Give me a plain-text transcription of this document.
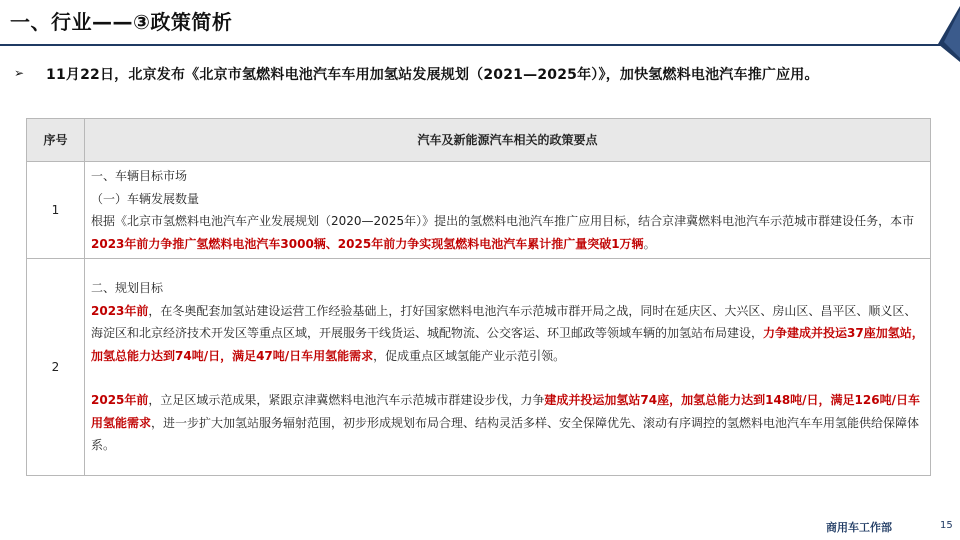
一、行业——③政策简析
➢ 11月22日，北京发布《北京市氢燃料电池汽车车用加氢站发展规划（2021—2025年）》，加快氢燃料电池汽车推广应用。
序号	汽车及新能源汽车相关的政策要点
1	一、车辆目标市场
（一）车辆发展数量
根据《北京市氢燃料电池汽车产业发展规划（2020—2025年）》提出的氢燃料电池汽车推广应用目标，结合京津冀燃料电池汽车示范城市群建设任务，本市2023年前力争推广氢燃料电池汽车3000辆、2025年前力争实现氢燃料电池汽车累计推广量突破1万辆。

2	二、规划目标
2023年前，在冬奥配套加氢站建设运营工作经验基础上，打好国家燃料电池汽车示范城市群开局之战，同时在延庆区、大兴区、房山区、昌平区、顺义区、海淀区和北京经济技术开发区等重点区域，开展服务干线货运、城配物流、公交客运、环卫邮政等领域车辆的加氢站布局建设，力争建成并投运37座加氢站，加氢总能力达到74吨/日，满足47吨/日车用氢能需求，促成重点区域氢能产业示范引领。
2025年前，立足区域示范成果，紧跟京津冀燃料电池汽车示范城市群建设步伐，力争建成并投运加氢站74座，加氢总能力达到148吨/日，满足126吨/日车用氢能需求，进一步扩大加氢站服务辐射范围，初步形成规划布局合理、结构灵活多样、安全保障优先、滚动有序调控的氢燃料电池汽车车用氢能供给保障体系。
商用车工作部	15
